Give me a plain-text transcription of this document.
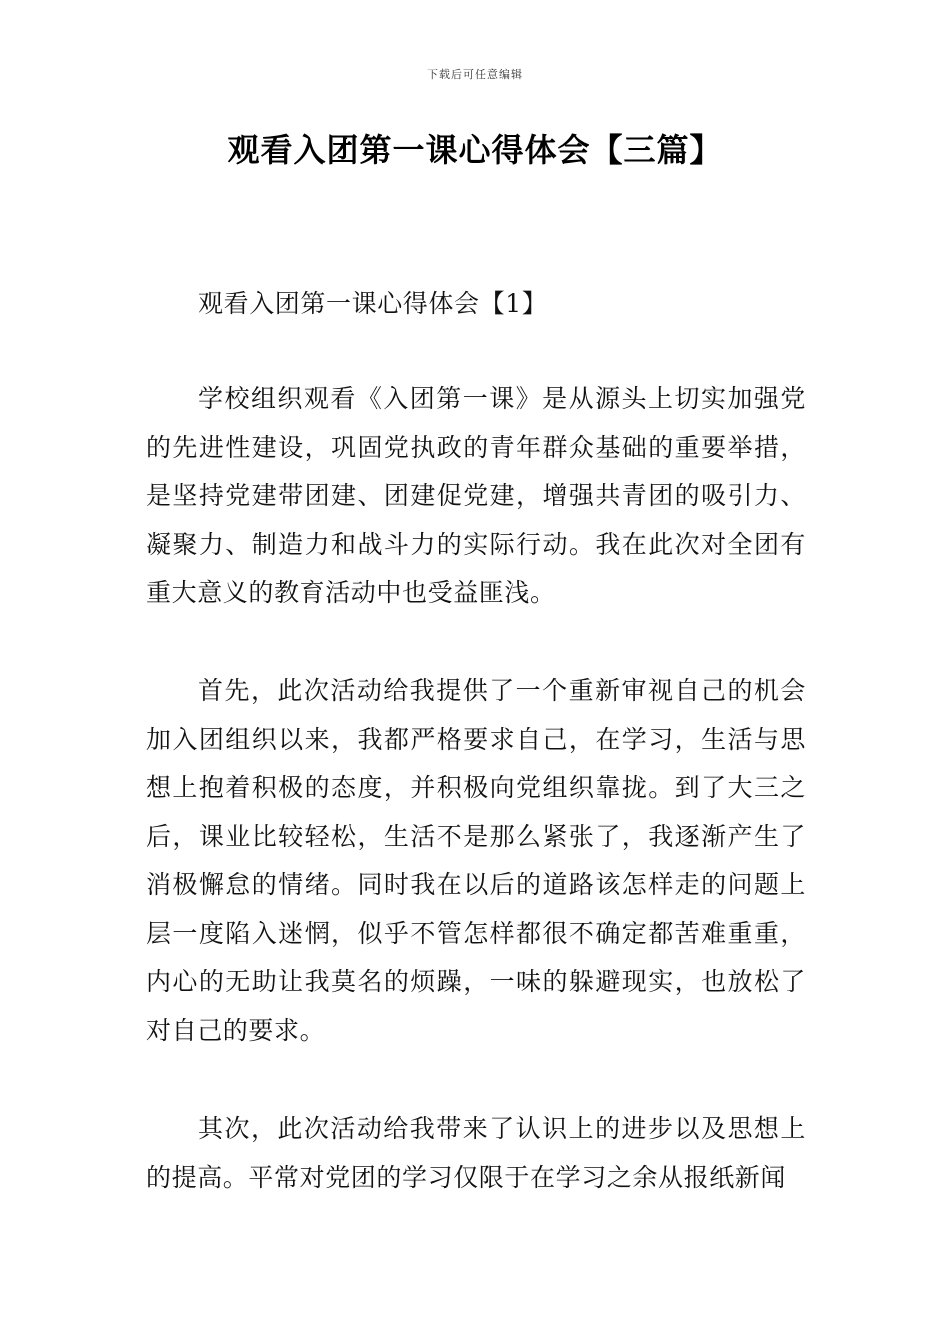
下载后可任意编辑
观看入团第一课心得体会【三篇】
观看入团第一课心得体会【1】

学校组织观看《入团第一课》是从源头上切实加强党的先进性建设，巩固党执政的青年群众基础的重要举措，是坚持党建带团建、团建促党建，增强共青团的吸引力、凝聚力、制造力和战斗力的实际行动。我在此次对全团有重大意义的教育活动中也受益匪浅。

首先，此次活动给我提供了一个重新审视自己的机会加入团组织以来，我都严格要求自己，在学习，生活与思想上抱着积极的态度，并积极向党组织靠拢。到了大三之后，课业比较轻松，生活不是那么紧张了，我逐渐产生了消极懈怠的情绪。同时我在以后的道路该怎样走的问题上层一度陷入迷惘，似乎不管怎样都很不确定都苦难重重，内心的无助让我莫名的烦躁，一味的躲避现实，也放松了对自己的要求。

其次，此次活动给我带来了认识上的进步以及思想上的提高。平常对党团的学习仅限于在学习之余从报纸新闻
